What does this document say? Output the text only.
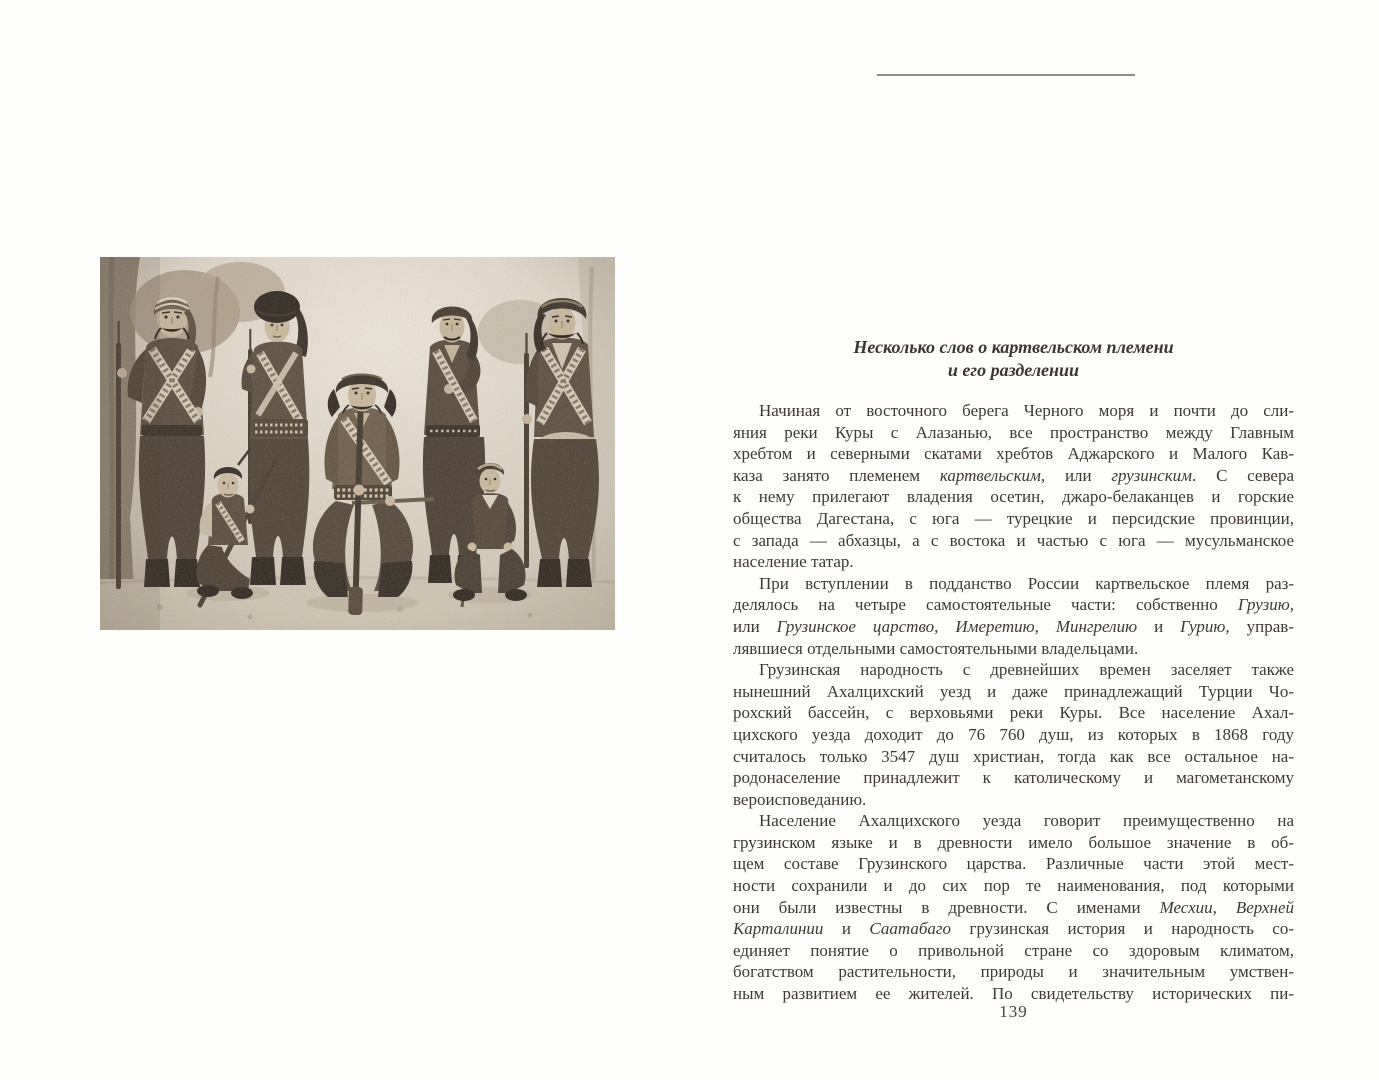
Несколько слов о картвельском племени
и его разделении
Начиная от восточного берега Черного моря и почти до сли-
яния реки Куры с Алазанью, все пространство между Главным
хребтом и северными скатами хребтов Аджарского и Малого Кав-
каза занято племенем картвельским, или грузинским. С севера
к нему прилегают владения осетин, джаро-белаканцев и горские
общества Дагестана, с юга — турецкие и персидские провинции,
с запада — абхазцы, а с востока и частью с юга — мусульманское
население татар.
При вступлении в подданство России картвельское племя раз-
делялось на четыре самостоятельные части: собственно Грузию,
или Грузинское царство, Имеретию, Мингрелию и Гурию, управ-
лявшиеся отдельными самостоятельными владельцами.
Грузинская народность с древнейших времен заселяет также
нынешний Ахалцихский уезд и даже принадлежащий Турции Чо-
рохский бассейн, с верховьями реки Куры. Все население Ахал-
цихского уезда доходит до 76 760 душ, из которых в 1868 году
считалось только 3547 душ христиан, тогда как все остальное на-
родонаселение принадлежит к католическому и магометанскому
вероисповеданию.
Население Ахалцихского уезда говорит преимущественно на
грузинском языке и в древности имело большое значение в об-
щем составе Грузинского царства. Различные части этой мест-
ности сохранили и до сих пор те наименования, под которыми
они были известны в древности. С именами Месхии, Верхней
Карталинии и Саатабаго грузинская история и народность со-
единяет понятие о привольной стране со здоровым климатом,
богатством растительности, природы и значительным умствен-
ным развитием ее жителей. По свидетельству исторических пи-
139
